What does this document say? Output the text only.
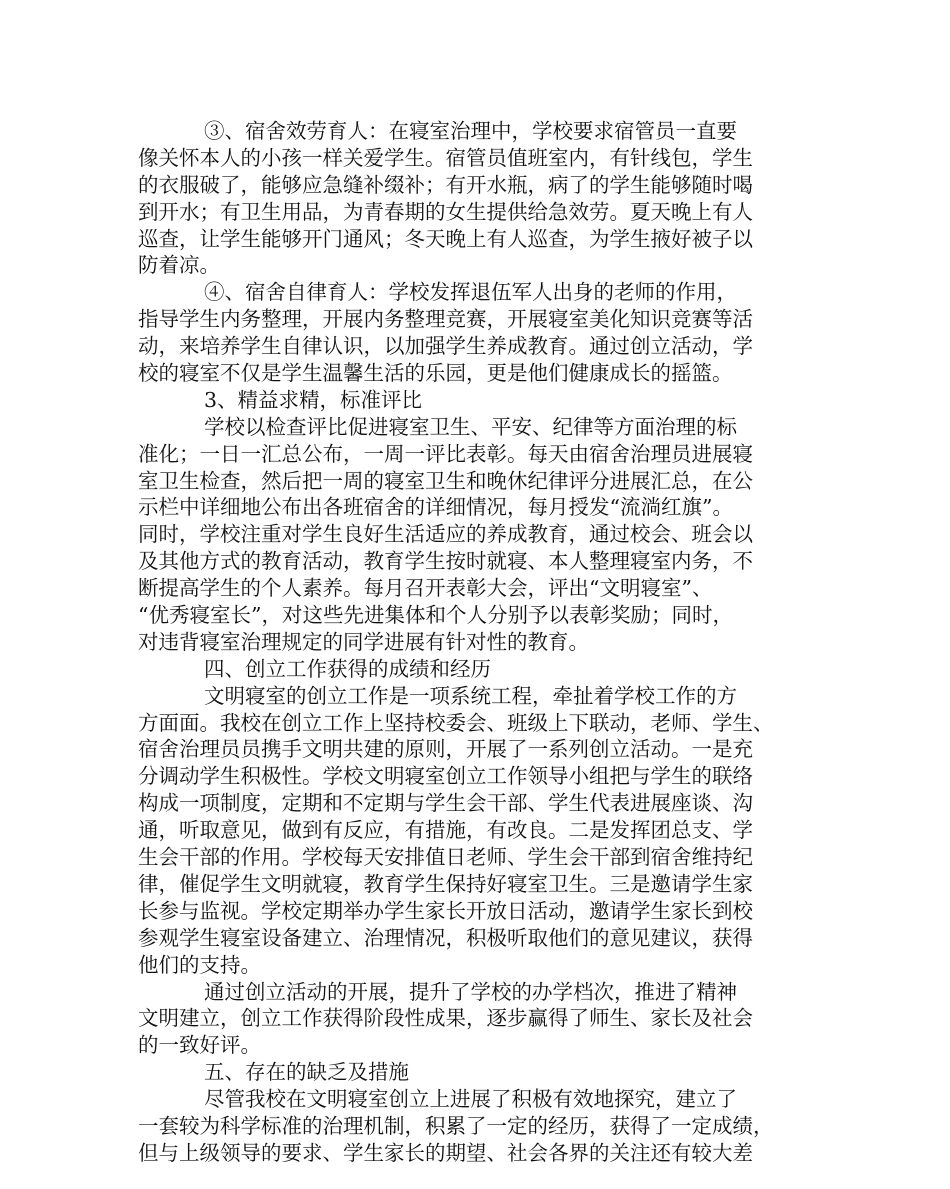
③、宿舍效劳育人：在寝室治理中，学校要求宿管员一直要
像关怀本人的小孩一样关爱学生。宿管员值班室内，有针线包，学生
的衣服破了，能够应急缝补缀补；有开水瓶，病了的学生能够随时喝
到开水；有卫生用品，为青春期的女生提供给急效劳。夏天晚上有人
巡查，让学生能够开门通风；冬天晚上有人巡查，为学生掖好被子以
防着凉。
④、宿舍自律育人：学校发挥退伍军人出身的老师的作用，
指导学生内务整理，开展内务整理竞赛，开展寝室美化知识竞赛等活
动，来培养学生自律认识，以加强学生养成教育。通过创立活动，学
校的寝室不仅是学生温馨生活的乐园，更是他们健康成长的摇篮。
3、精益求精，标准评比
学校以检查评比促进寝室卫生、平安、纪律等方面治理的标
准化；一日一汇总公布，一周一评比表彰。每天由宿舍治理员进展寝
室卫生检查，然后把一周的寝室卫生和晚休纪律评分进展汇总，在公
示栏中详细地公布出各班宿舍的详细情况，每月授发“流淌红旗”。
同时，学校注重对学生良好生活适应的养成教育，通过校会、班会以
及其他方式的教育活动，教育学生按时就寝、本人整理寝室内务，不
断提高学生的个人素养。每月召开表彰大会，评出“文明寝室”、
“优秀寝室长”，对这些先进集体和个人分别予以表彰奖励；同时，
对违背寝室治理规定的同学进展有针对性的教育。
四、创立工作获得的成绩和经历
文明寝室的创立工作是一项系统工程，牵扯着学校工作的方
方面面。我校在创立工作上坚持校委会、班级上下联动，老师、学生、
宿舍治理员员携手文明共建的原则，开展了一系列创立活动。一是充
分调动学生积极性。学校文明寝室创立工作领导小组把与学生的联络
构成一项制度，定期和不定期与学生会干部、学生代表进展座谈、沟
通，听取意见，做到有反应，有措施，有改良。二是发挥团总支、学
生会干部的作用。学校每天安排值日老师、学生会干部到宿舍维持纪
律，催促学生文明就寝，教育学生保持好寝室卫生。三是邀请学生家
长参与监视。学校定期举办学生家长开放日活动，邀请学生家长到校
参观学生寝室设备建立、治理情况，积极听取他们的意见建议，获得
他们的支持。
通过创立活动的开展，提升了学校的办学档次，推进了精神
文明建立，创立工作获得阶段性成果，逐步赢得了师生、家长及社会
的一致好评。
五、存在的缺乏及措施
尽管我校在文明寝室创立上进展了积极有效地探究，建立了
一套较为科学标准的治理机制，积累了一定的经历，获得了一定成绩，
但与上级领导的要求、学生家长的期望、社会各界的关注还有较大差
